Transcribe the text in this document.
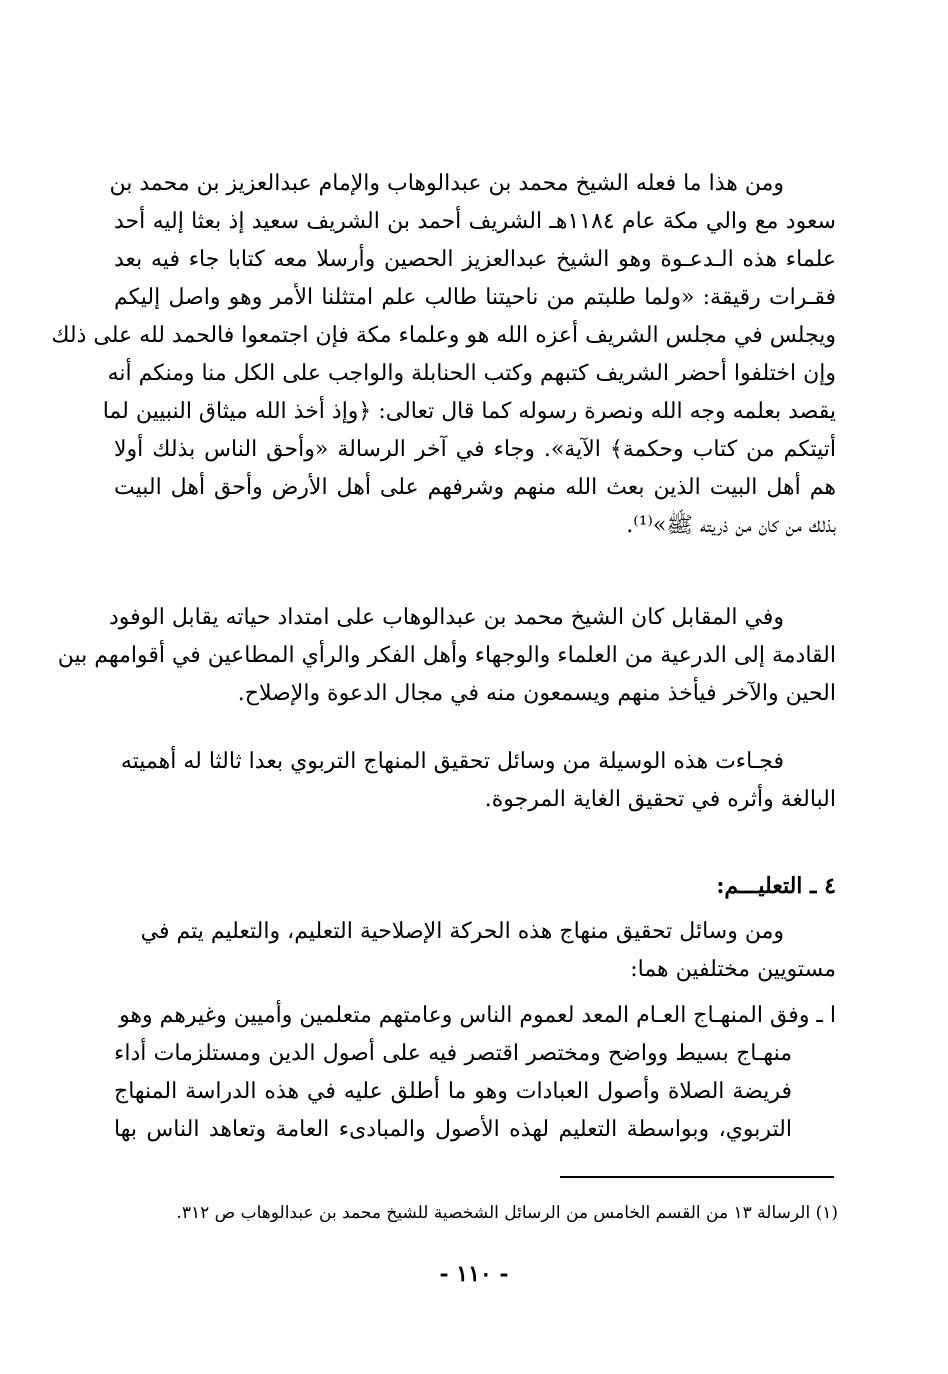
ومن هذا ما فعله الشيخ محمد بن عبدالوهاب والإمام عبدالعزيز بن محمد بن
سعود مع والي مكة عام ١١٨٤هـ الشريف أحمد بن الشريف سعيد إذ بعثا إليه أحد
علماء هذه الـدعـوة وهو الشيخ عبدالعزيز الحصين وأرسلا معه كتابا جاء فيه بعد
فقـرات رقيقة: «ولما طلبتم من ناحيتنا طالب علم امتثلنا الأمر وهو واصل إليكم
ويجلس في مجلس الشريف أعزه الله هو وعلماء مكة فإن اجتمعوا فالحمد لله على ذلك
وإن اختلفوا أحضر الشريف كتبهم وكتب الحنابلة والواجب على الكل منا ومنكم أنه
يقصد بعلمه وجه الله ونصرة رسوله كما قال تعالى: ﴿وإذ أخذ الله ميثاق النبيين لما
أتيتكم من كتاب وحكمة﴾ الآية». وجاء في آخر الرسالة «وأحق الناس بذلك أولا
هم أهل البيت الذين بعث الله منهم وشرفهم على أهل الأرض وأحق أهل البيت
بذلك من كان من ذريته ﷺ»⁽¹⁾.
وفي المقابل كان الشيخ محمد بن عبدالوهاب على امتداد حياته يقابل الوفود
القادمة إلى الدرعية من العلماء والوجهاء وأهل الفكر والرأي المطاعين في أقوامهم بين
الحين والآخر فيأخذ منهم ويسمعون منه في مجال الدعوة والإصلاح.
فجـاءت هذه الوسيلة من وسائل تحقيق المنهاج التربوي بعدا ثالثا له أهميته
البالغة وأثره في تحقيق الغاية المرجوة.
٤ ـ التعليـــم:
ومن وسائل تحقيق منهاج هذه الحركة الإصلاحية التعليم، والتعليم يتم في
مستويين مختلفين هما:
ا ـ وفق المنهـاج العـام المعد لعموم الناس وعامتهم متعلمين وأميين وغيرهم وهو
منهـاج بسيط وواضح ومختصر اقتصر فيه على أصول الدين ومستلزمات أداء
فريضة الصلاة وأصول العبادات وهو ما أطلق عليه في هذه الدراسة المنهاج
التربوي، وبواسطة التعليم لهذه الأصول والمبادىء العامة وتعاهد الناس بها
(١) الرسالة ١٣ من القسم الخامس من الرسائل الشخصية للشيخ محمد بن عبدالوهاب ص ٣١٢.
- ١١٠ -
